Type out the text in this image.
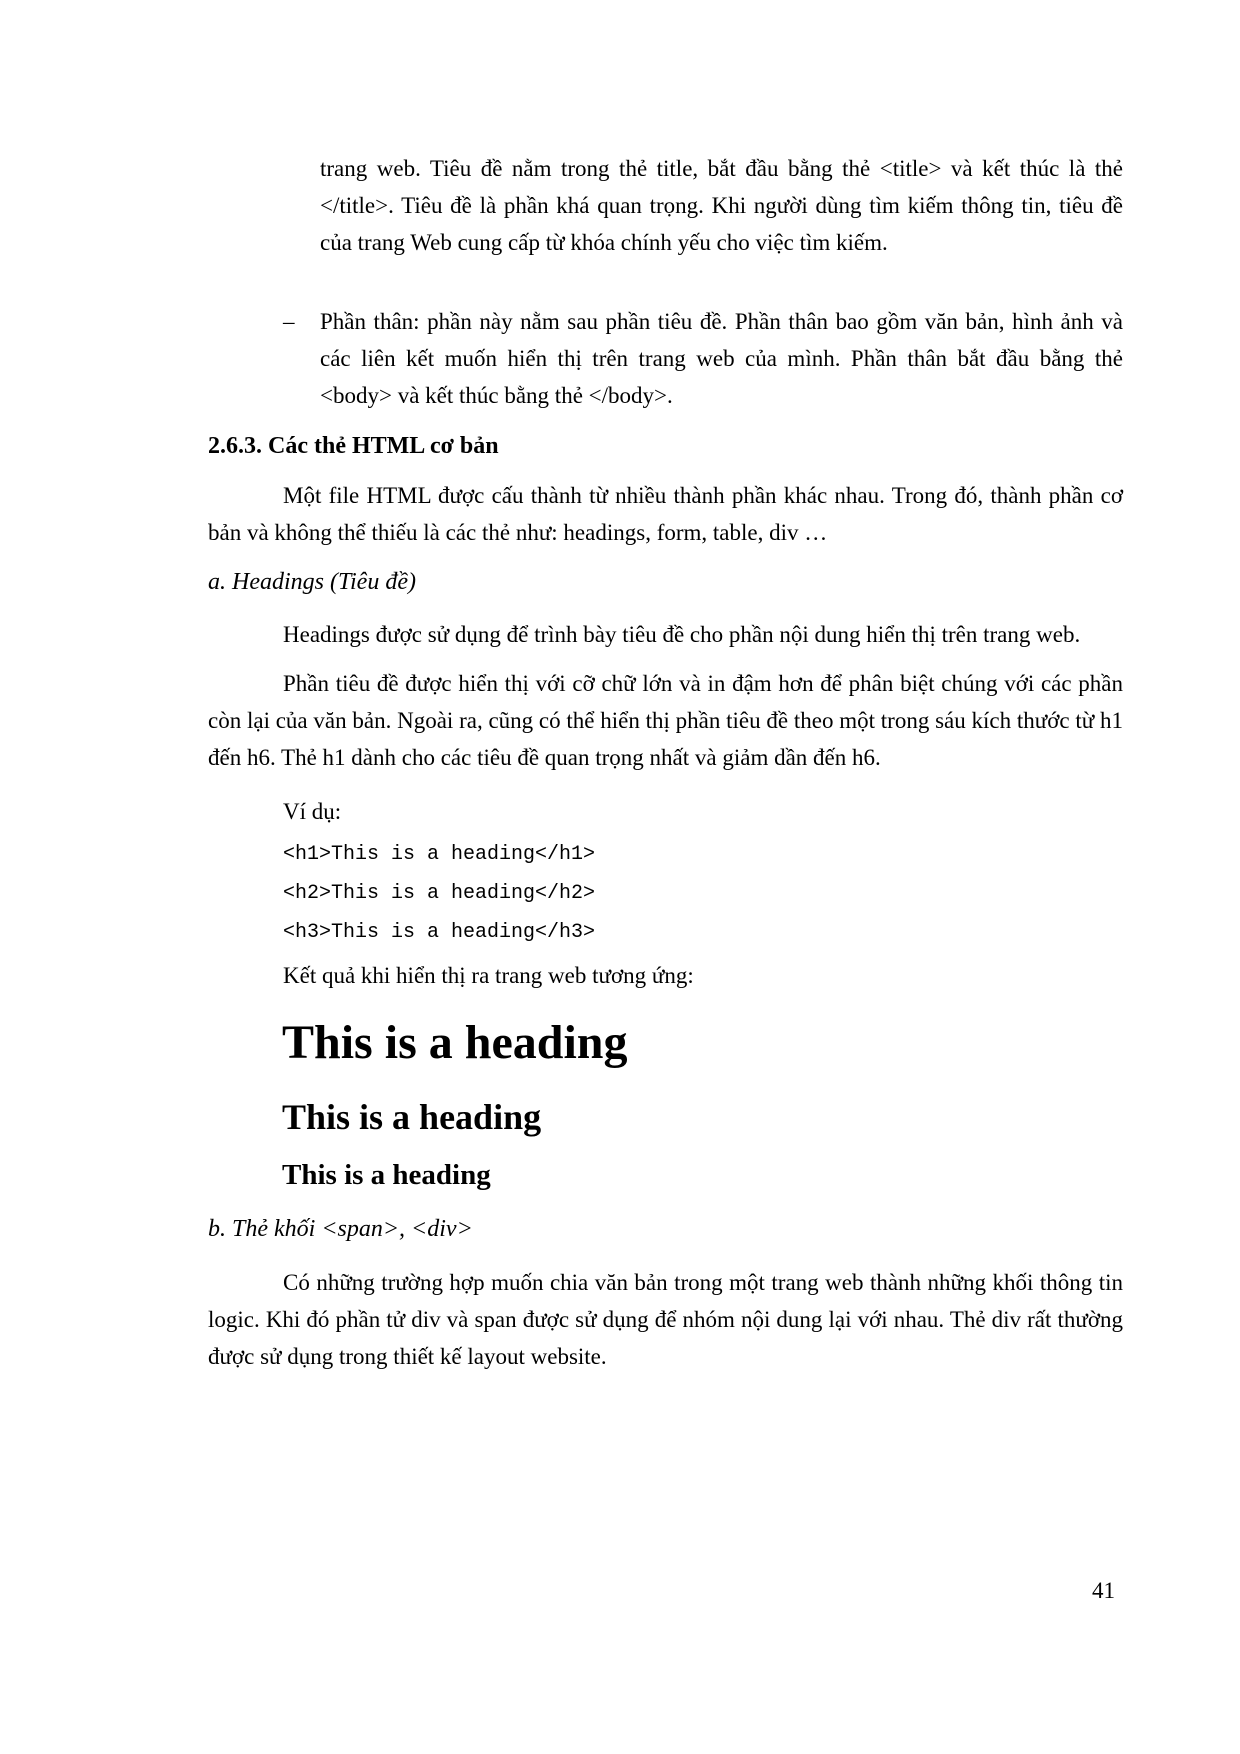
trang web. Tiêu đề nằm trong thẻ title, bắt đầu bằng thẻ <title> và kết thúc là thẻ </title>. Tiêu đề là phần khá quan trọng. Khi người dùng tìm kiếm thông tin, tiêu đề của trang Web cung cấp từ khóa chính yếu cho việc tìm kiếm.

– Phần thân: phần này nằm sau phần tiêu đề. Phần thân bao gồm văn bản, hình ảnh và các liên kết muốn hiển thị trên trang web của mình. Phần thân bắt đầu bằng thẻ <body> và kết thúc bằng thẻ </body>.
2.6.3. Các thẻ HTML cơ bản

Một file HTML được cấu thành từ nhiều thành phần khác nhau. Trong đó, thành phần cơ bản và không thể thiếu là các thẻ như: headings, form, table, div …

a. Headings (Tiêu đề)

Headings được sử dụng để trình bày tiêu đề cho phần nội dung hiển thị trên trang web.

Phần tiêu đề được hiển thị với cỡ chữ lớn và in đậm hơn để phân biệt chúng với các phần còn lại của văn bản. Ngoài ra, cũng có thể hiển thị phần tiêu đề theo một trong sáu kích thước từ h1 đến h6. Thẻ h1 dành cho các tiêu đề quan trọng nhất và giảm dần đến h6.

Ví dụ:

<h1>This is a heading</h1>
<h2>This is a heading</h2>
<h3>This is a heading</h3>

Kết quả khi hiển thị ra trang web tương ứng:

This is a heading
This is a heading
This is a heading
b. Thẻ khối <span>, <div>

Có những trường hợp muốn chia văn bản trong một trang web thành những khối thông tin logic. Khi đó phần tử div và span được sử dụng để nhóm nội dung lại với nhau. Thẻ div rất thường được sử dụng trong thiết kế layout website.

41
